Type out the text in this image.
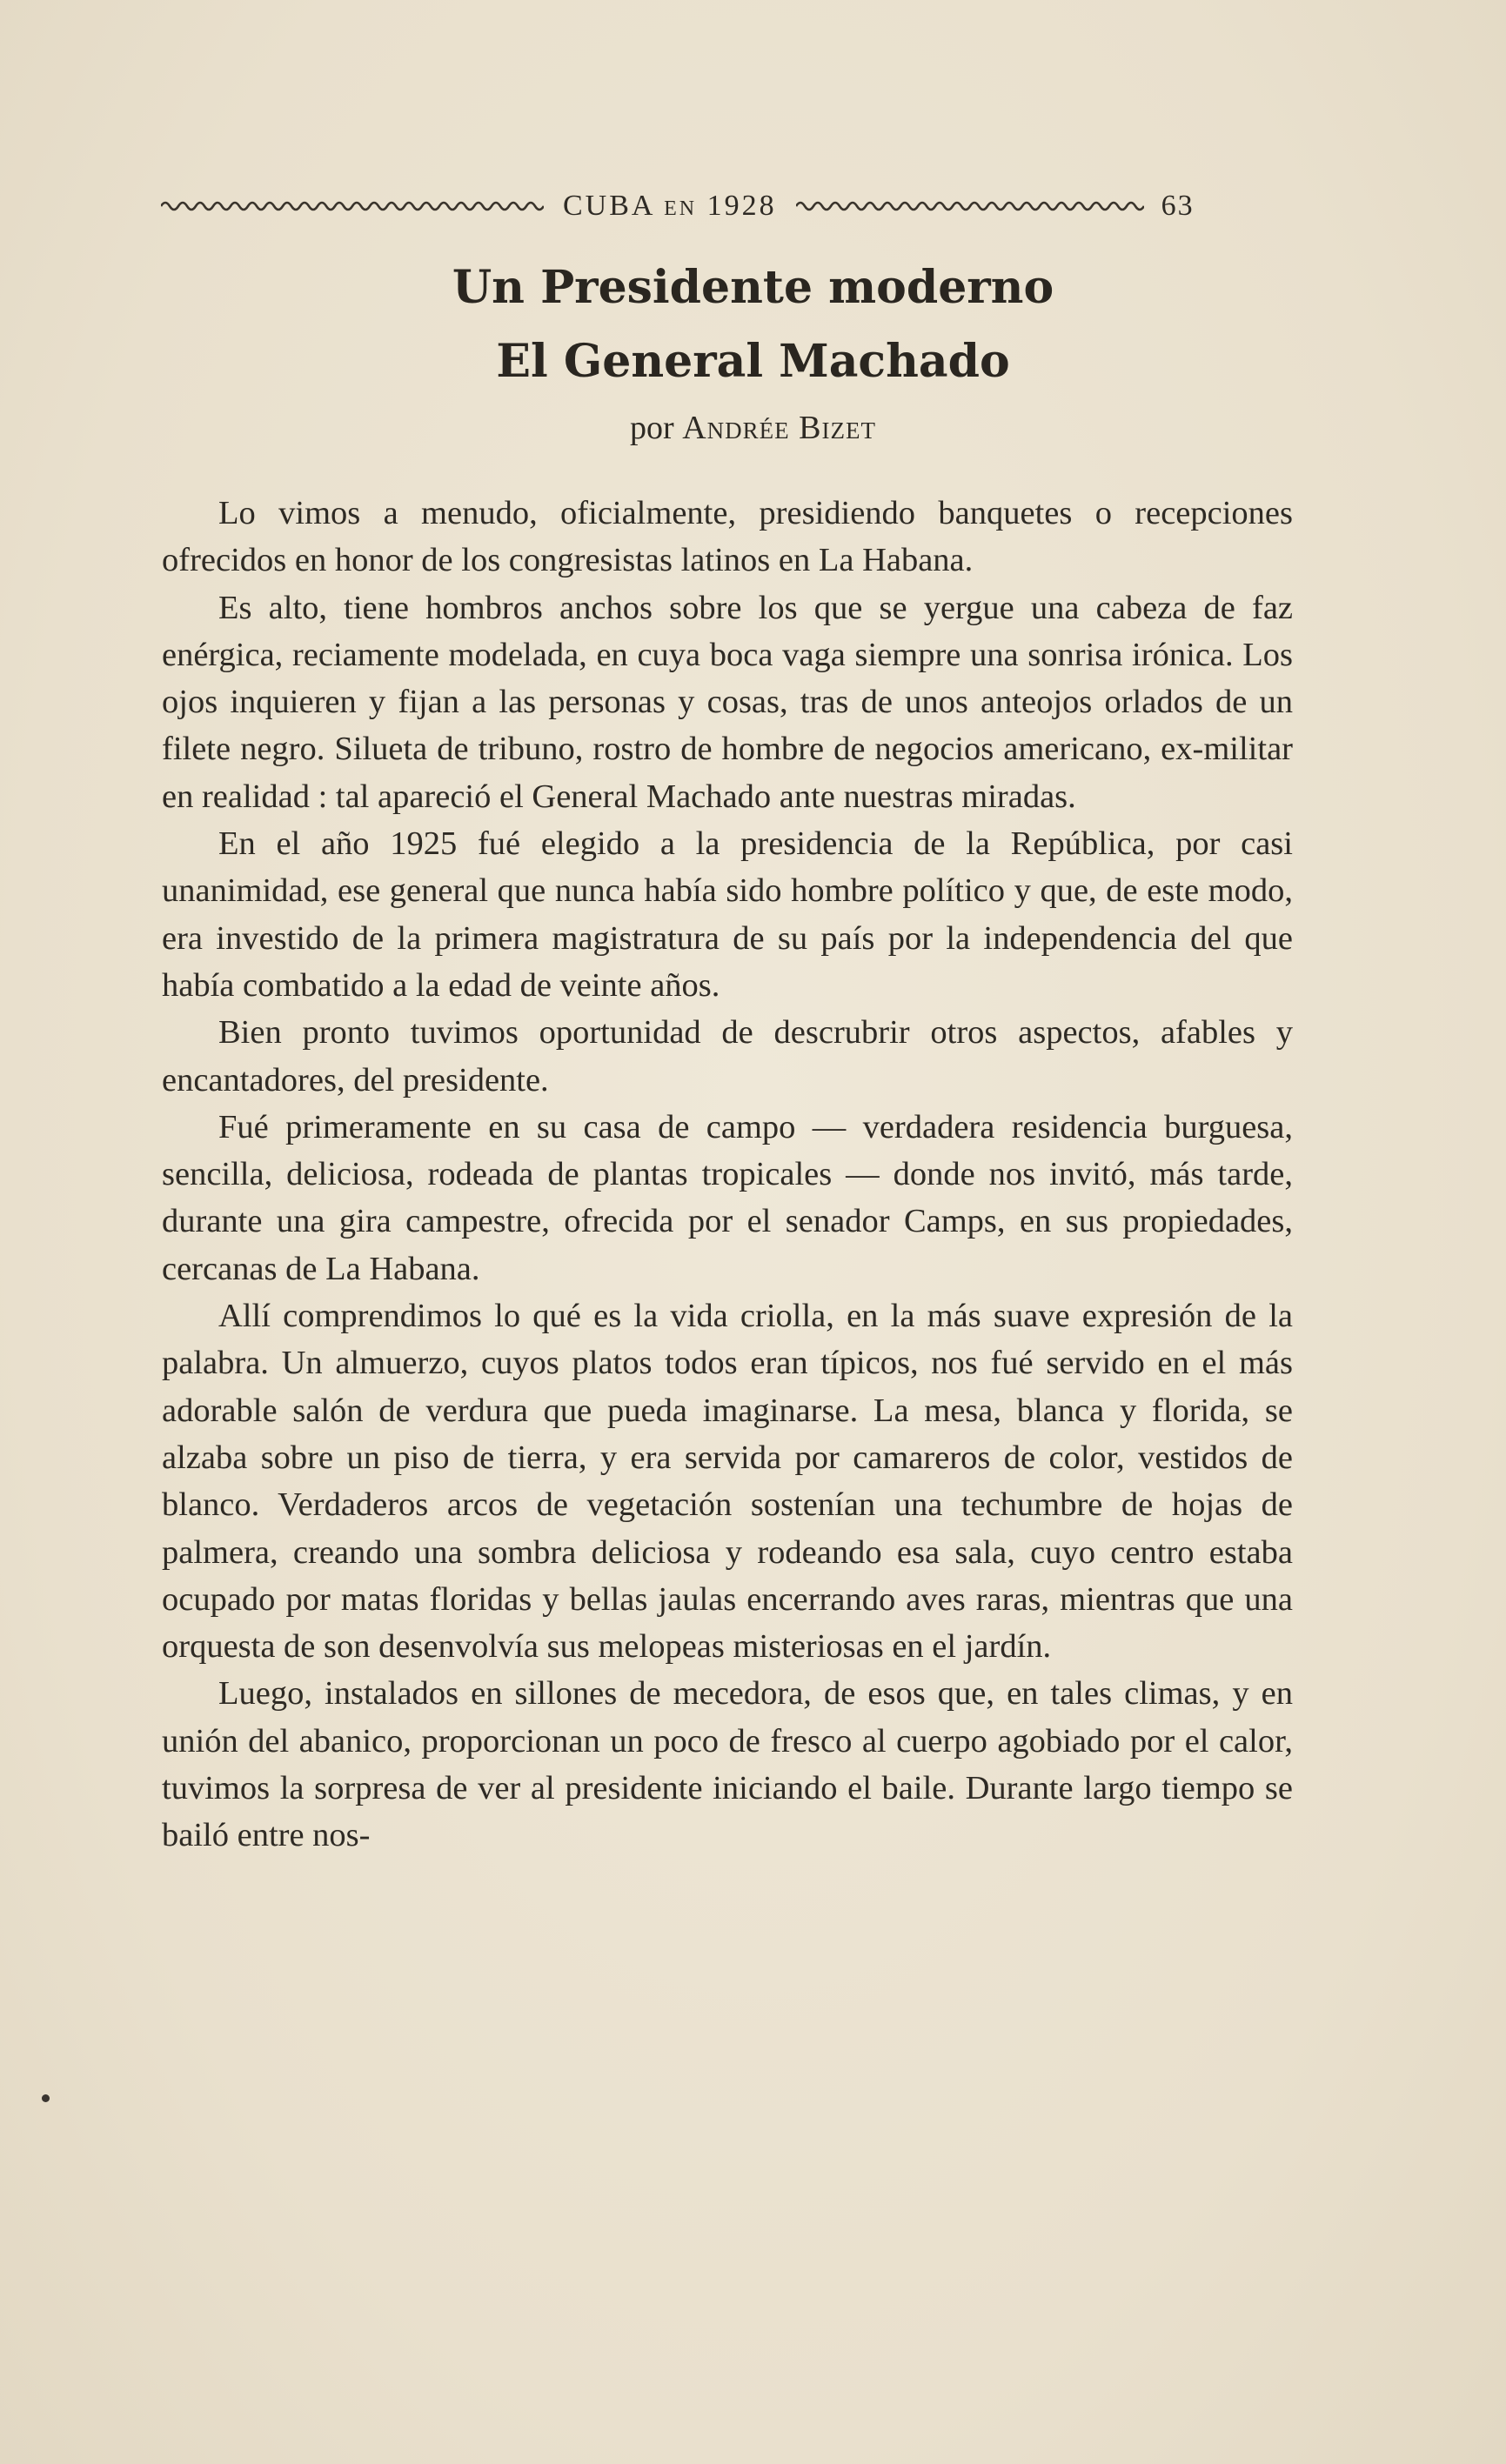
CUBA EN 1928	63
Un Presidente moderno
El General Machado
por Andrée Bizet

Lo vimos a menudo, oficialmente, presidiendo banquetes o recepciones ofrecidos en honor de los congresistas latinos en La Habana.

Es alto, tiene hombros anchos sobre los que se yergue una cabeza de faz enérgica, reciamente modelada, en cuya boca vaga siempre una sonrisa irónica. Los ojos inquieren y fijan a las personas y cosas, tras de unos anteojos orlados de un filete negro. Silueta de tribuno, rostro de hombre de negocios americano, ex-militar en realidad : tal apareció el General Machado ante nuestras miradas.

En el año 1925 fué elegido a la presidencia de la República, por casi unanimidad, ese general que nunca había sido hombre político y que, de este modo, era investido de la primera magistratura de su país por la independencia del que había combatido a la edad de veinte años.

Bien pronto tuvimos oportunidad de descrubrir otros aspectos, afables y encantadores, del presidente.

Fué primeramente en su casa de campo — verdadera residencia burguesa, sencilla, deliciosa, rodeada de plantas tropicales — donde nos invitó, más tarde, durante una gira campestre, ofrecida por el senador Camps, en sus propiedades, cercanas de La Habana.

Allí comprendimos lo qué es la vida criolla, en la más suave expresión de la palabra. Un almuerzo, cuyos platos todos eran típicos, nos fué servido en el más adorable salón de verdura que pueda imaginarse. La mesa, blanca y florida, se alzaba sobre un piso de tierra, y era servida por camareros de color, vestidos de blanco. Verdaderos arcos de vegetación sostenían una techumbre de hojas de palmera, creando una sombra deliciosa y rodeando esa sala, cuyo centro estaba ocupado por matas floridas y bellas jaulas encerrando aves raras, mientras que una orquesta de son desenvolvía sus melopeas misteriosas en el jardín.

Luego, instalados en sillones de mecedora, de esos que, en tales climas, y en unión del abanico, proporcionan un poco de fresco al cuerpo agobiado por el calor, tuvimos la sorpresa de ver al presidente iniciando el baile. Durante largo tiempo se bailó entre nos-
